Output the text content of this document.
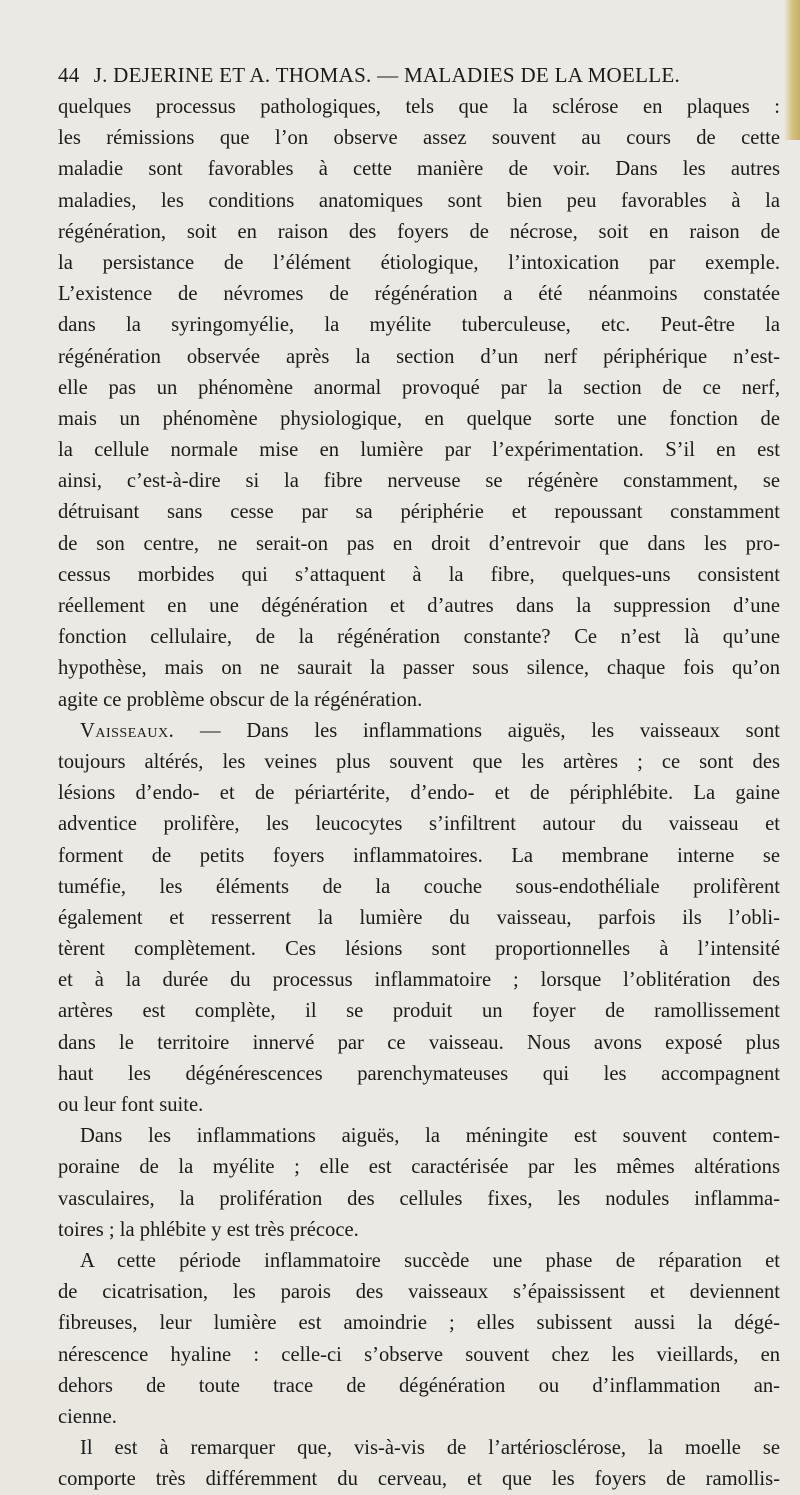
44 J. DEJERINE ET A. THOMAS. — MALADIES DE LA MOELLE.
quelques processus pathologiques, tels que la sclérose en plaques :
les rémissions que l’on observe assez souvent au cours de cette
maladie sont favorables à cette manière de voir. Dans les autres
maladies, les conditions anatomiques sont bien peu favorables à la
régénération, soit en raison des foyers de nécrose, soit en raison de
la persistance de l’élément étiologique, l’intoxication par exemple.
L’existence de névromes de régénération a été néanmoins constatée
dans la syringomyélie, la myélite tuberculeuse, etc. Peut-être la
régénération observée après la section d’un nerf périphérique n’est-
elle pas un phénomène anormal provoqué par la section de ce nerf,
mais un phénomène physiologique, en quelque sorte une fonction de
la cellule normale mise en lumière par l’expérimentation. S’il en est
ainsi, c’est-à-dire si la fibre nerveuse se régénère constamment, se
détruisant sans cesse par sa périphérie et repoussant constamment
de son centre, ne serait-on pas en droit d’entrevoir que dans les pro-
cessus morbides qui s’attaquent à la fibre, quelques-uns consistent
réellement en une dégénération et d’autres dans la suppression d’une
fonction cellulaire, de la régénération constante? Ce n’est là qu’une
hypothèse, mais on ne saurait la passer sous silence, chaque fois qu’on
agite ce problème obscur de la régénération.
Vaisseaux. — Dans les inflammations aiguës, les vaisseaux sont
toujours altérés, les veines plus souvent que les artères ; ce sont des
lésions d’endo- et de périartérite, d’endo- et de périphlébite. La gaine
adventice prolifère, les leucocytes s’infiltrent autour du vaisseau et
forment de petits foyers inflammatoires. La membrane interne se
tuméfie, les éléments de la couche sous-endothéliale prolifèrent
également et resserrent la lumière du vaisseau, parfois ils l’obli-
tèrent complètement. Ces lésions sont proportionnelles à l’intensité
et à la durée du processus inflammatoire ; lorsque l’oblitération des
artères est complète, il se produit un foyer de ramollissement
dans le territoire innervé par ce vaisseau. Nous avons exposé plus
haut les dégénérescences parenchymateuses qui les accompagnent
ou leur font suite.
Dans les inflammations aiguës, la méningite est souvent contem-
poraine de la myélite ; elle est caractérisée par les mêmes altérations
vasculaires, la prolifération des cellules fixes, les nodules inflamma-
toires ; la phlébite y est très précoce.
A cette période inflammatoire succède une phase de réparation et
de cicatrisation, les parois des vaisseaux s’épaississent et deviennent
fibreuses, leur lumière est amoindrie ; elles subissent aussi la dégé-
nérescence hyaline : celle-ci s’observe souvent chez les vieillards, en
dehors de toute trace de dégénération ou d’inflammation an-
cienne.
Il est à remarquer que, vis-à-vis de l’artériosclérose, la moelle se
comporte très différemment du cerveau, et que les foyers de ramollis-
